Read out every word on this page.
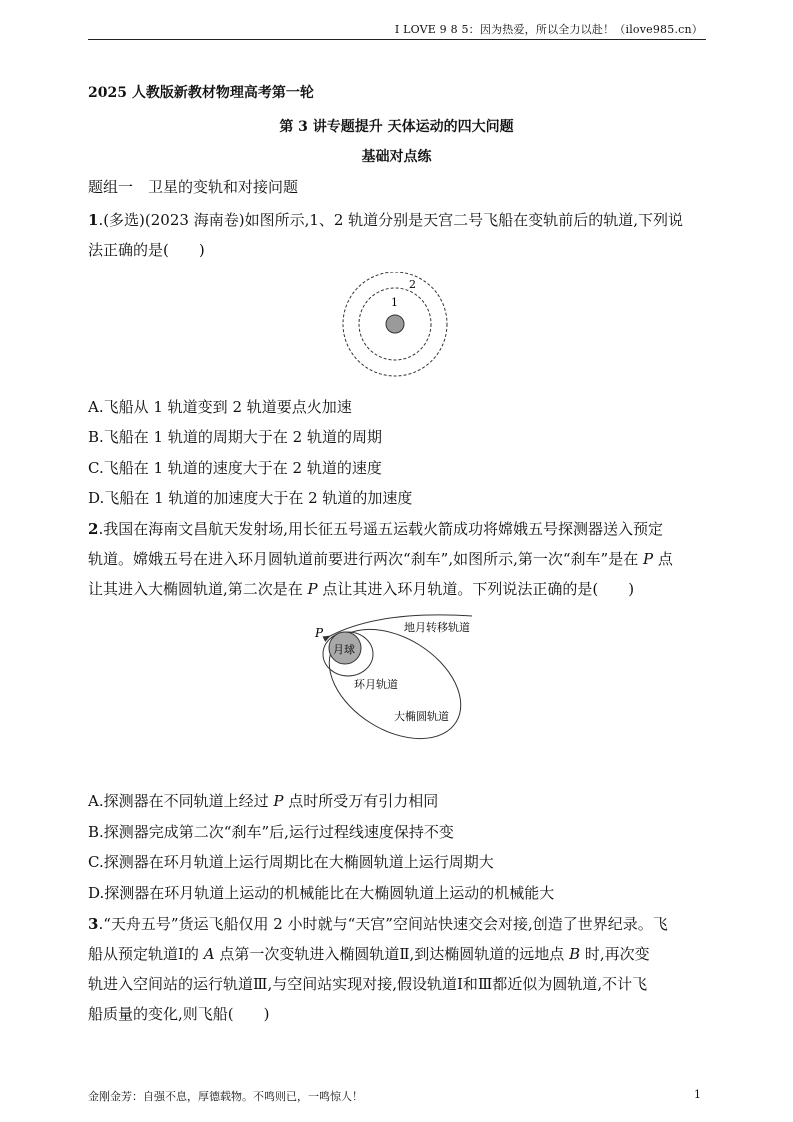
I LOVE 9 8 5：因为热爱，所以全力以赴！（ilove985.cn）
2025 人教版新教材物理高考第一轮
第 3 讲专题提升 天体运动的四大问题
基础对点练
题组一　 卫星的变轨和对接问题
1.(多选)(2023 海南卷)如图所示,1、2 轨道分别是天宫二号飞船在变轨前后的轨道,下列说
法正确的是(　　)
1
2
A.飞船从 1 轨道变到 2 轨道要点火加速
B.飞船在 1 轨道的周期大于在 2 轨道的周期
C.飞船在 1 轨道的速度大于在 2 轨道的速度
D.飞船在 1 轨道的加速度大于在 2 轨道的加速度
2.我国在海南文昌航天发射场,用长征五号遥五运载火箭成功将嫦娥五号探测器送入预定
轨道。嫦娥五号在进入环月圆轨道前要进行两次“刹车”,如图所示,第一次“刹车”是在 P 点
让其进入大椭圆轨道,第二次是在 P 点让其进入环月轨道。下列说法正确的是(　　)
月球
P	地月转移轨道
环月轨道
大椭圆轨道
A.探测器在不同轨道上经过 P 点时所受万有引力相同
B.探测器完成第二次“刹车”后,运行过程线速度保持不变
C.探测器在环月轨道上运行周期比在大椭圆轨道上运行周期大
D.探测器在环月轨道上运动的机械能比在大椭圆轨道上运动的机械能大
3.“天舟五号”货运飞船仅用 2 小时就与“天宫”空间站快速交会对接,创造了世界纪录。飞
船从预定轨道Ⅰ的 A 点第一次变轨进入椭圆轨道Ⅱ,到达椭圆轨道的远地点 B 时,再次变
轨进入空间站的运行轨道Ⅲ,与空间站实现对接,假设轨道Ⅰ和Ⅲ都近似为圆轨道,不计飞
船质量的变化,则飞船(　　)
金刚金芳：自强不息，厚德载物。不鸣则已，一鸣惊人！	1
